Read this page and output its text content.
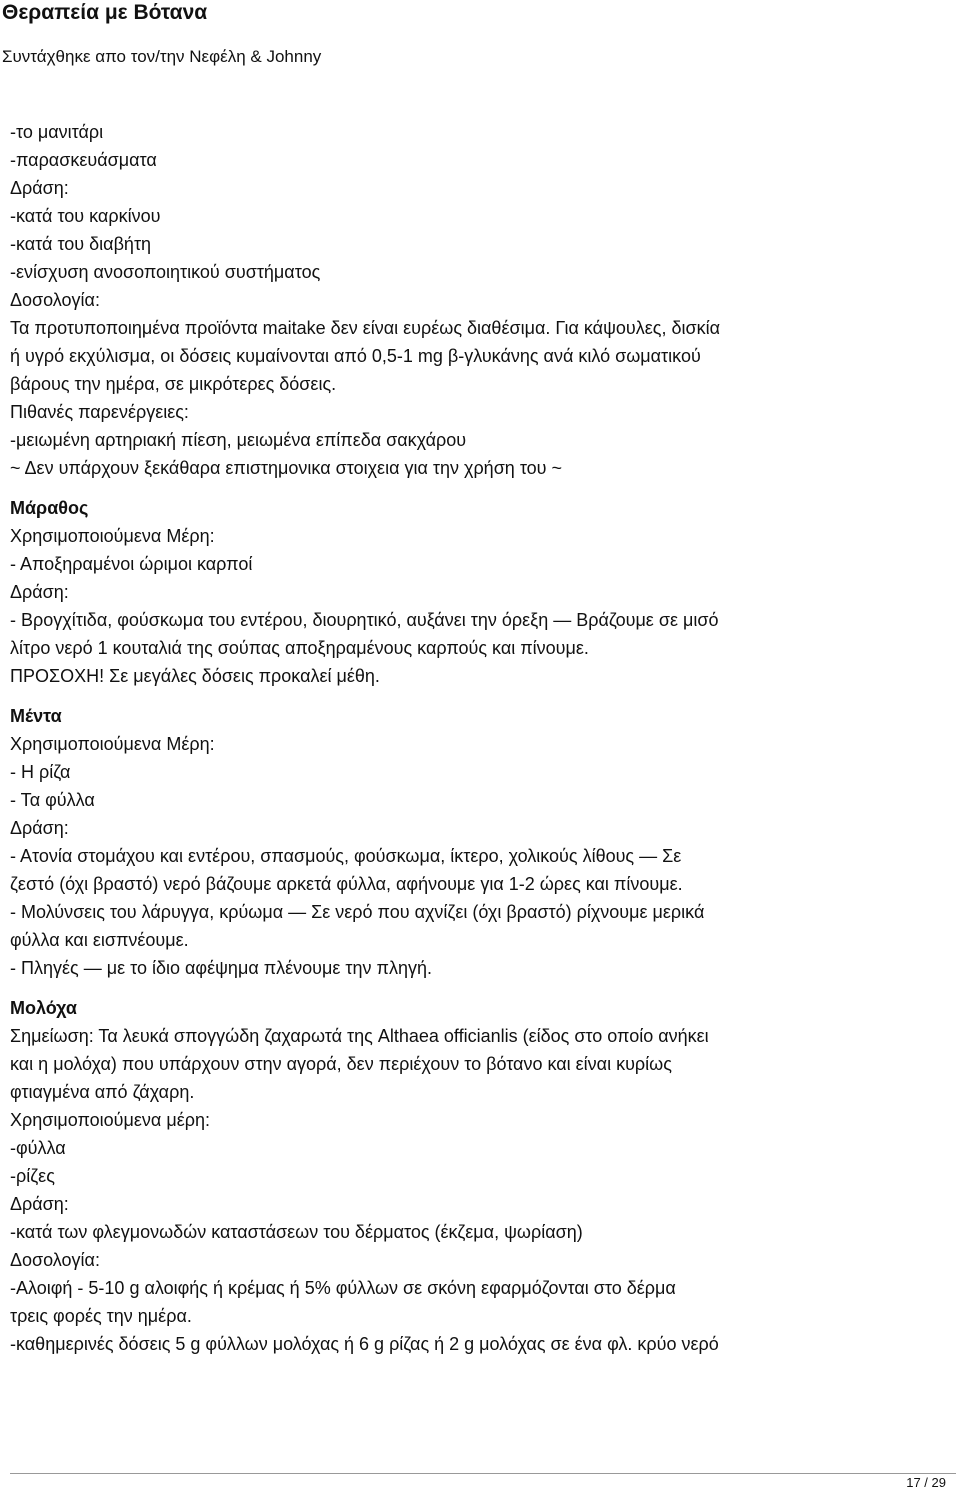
Θεραπεία με Βότανα
Συντάχθηκε απο τον/την Νεφέλη & Johnny
-το μανιτάρι
-παρασκευάσματα
Δράση:
-κατά του καρκίνου
-κατά του διαβήτη
-ενίσχυση ανοσοποιητικού συστήματος
Δοσολογία:
Τα προτυποποιημένα προϊόντα maitake δεν είναι ευρέως διαθέσιμα. Για κάψουλες, δισκία
ή υγρό εκχύλισμα, οι δόσεις κυμαίνονται από 0,5-1 mg β-γλυκάνης ανά κιλό σωματικού
βάρους την ημέρα, σε μικρότερες δόσεις.
Πιθανές παρενέργειες:
-μειωμένη αρτηριακή πίεση, μειωμένα επίπεδα σακχάρου
~ Δεν υπάρχουν ξεκάθαρα επιστημονικα στοιχεια για την χρήση του ~
Μάραθος
Χρησιμοποιούμενα Μέρη:
- Αποξηραμένοι ώριμοι καρποί
Δράση:
- Βρογχίτιδα, φούσκωμα του εντέρου, διουρητικό, αυξάνει την όρεξη — Βράζουμε σε μισό
λίτρο νερό 1 κουταλιά της σούπας αποξηραμένους καρπούς και πίνουμε.
ΠΡΟΣΟΧΗ! Σε μεγάλες δόσεις προκαλεί μέθη.
Μέντα
Χρησιμοποιούμενα Μέρη:
- Η ρίζα
- Τα φύλλα
Δράση:
- Ατονία στομάχου και εντέρου, σπασμούς, φούσκωμα, ίκτερο, χολικούς λίθους — Σε
ζεστό (όχι βραστό) νερό βάζουμε αρκετά φύλλα, αφήνουμε για 1-2 ώρες και πίνουμε.
- Μολύνσεις του λάρυγγα, κρύωμα — Σε νερό που αχνίζει (όχι βραστό) ρίχνουμε μερικά
φύλλα και εισπνέουμε.
- Πληγές — με το ίδιο αφέψημα πλένουμε την πληγή.
Μολόχα
Σημείωση: Τα λευκά σπογγώδη ζαχαρωτά της Althaea officianlis (είδος στο οποίο ανήκει
και η μολόχα) που υπάρχουν στην αγορά, δεν περιέχουν το βότανο και είναι κυρίως
φτιαγμένα από ζάχαρη.
Χρησιμοποιούμενα μέρη:
-φύλλα
-ρίζες
Δράση:
-κατά των φλεγμονωδών καταστάσεων του δέρματος (έκζεμα, ψωρίαση)
Δοσολογία:
-Αλοιφή - 5-10 g αλοιφής ή κρέμας ή 5% φύλλων σε σκόνη εφαρμόζονται στο δέρμα
τρεις φορές την ημέρα.
-καθημερινές δόσεις 5 g φύλλων μολόχας ή 6 g ρίζας ή 2 g μολόχας σε ένα φλ. κρύο νερό
17 / 29
